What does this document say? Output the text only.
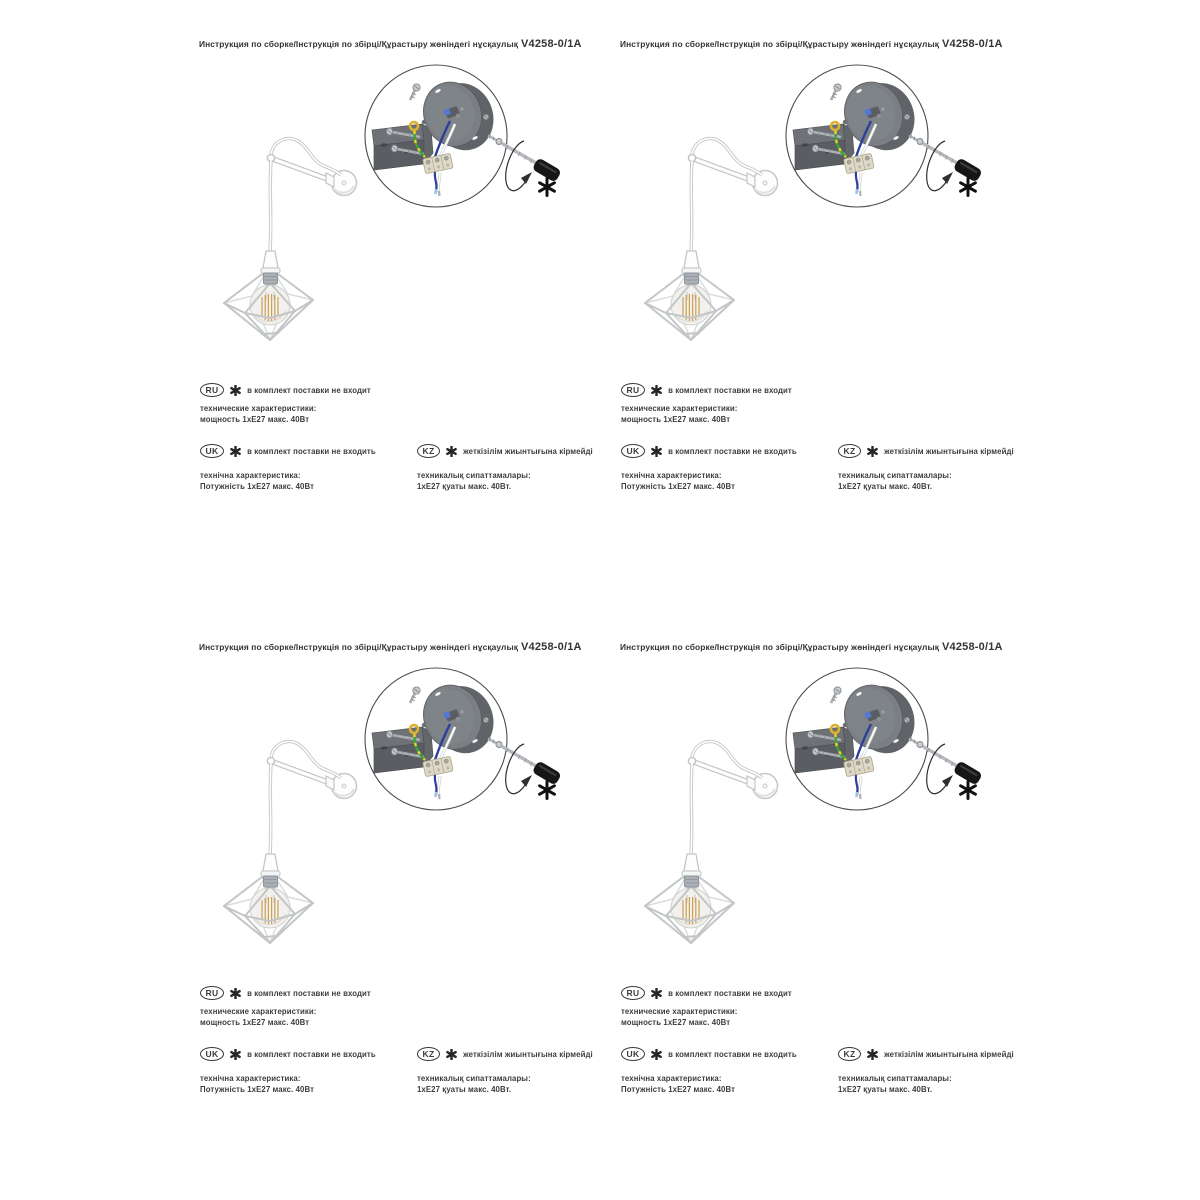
Инструкция по сборке/Інструкція по збірці/Құрастыру жөніндегі нұсқаулық V4258-0/1A
RU	в комплект поставки не входит
технические характеристики:
мощность 1хЕ27 макс. 40Вт
UK	в комплект поставки не входить
технічна характеристика:
Потужність 1хЕ27 макс. 40Вт
KZ	жеткізілім жиынтығына кірмейді
техникалық сипаттамалары:
1хЕ27 қуаты макс. 40Вт.
Инструкция по сборке/Інструкція по збірці/Құрастыру жөніндегі нұсқаулық V4258-0/1A
RU	в комплект поставки не входит
технические характеристики:
мощность 1хЕ27 макс. 40Вт
UK	в комплект поставки не входить
технічна характеристика:
Потужність 1хЕ27 макс. 40Вт
KZ	жеткізілім жиынтығына кірмейді
техникалық сипаттамалары:
1хЕ27 қуаты макс. 40Вт.
Инструкция по сборке/Інструкція по збірці/Құрастыру жөніндегі нұсқаулық V4258-0/1A
RU	в комплект поставки не входит
технические характеристики:
мощность 1хЕ27 макс. 40Вт
UK	в комплект поставки не входить
технічна характеристика:
Потужність 1хЕ27 макс. 40Вт
KZ	жеткізілім жиынтығына кірмейді
техникалық сипаттамалары:
1хЕ27 қуаты макс. 40Вт.
Инструкция по сборке/Інструкція по збірці/Құрастыру жөніндегі нұсқаулық V4258-0/1A
RU	в комплект поставки не входит
технические характеристики:
мощность 1хЕ27 макс. 40Вт
UK	в комплект поставки не входить
технічна характеристика:
Потужність 1хЕ27 макс. 40Вт
KZ	жеткізілім жиынтығына кірмейді
техникалық сипаттамалары:
1хЕ27 қуаты макс. 40Вт.
